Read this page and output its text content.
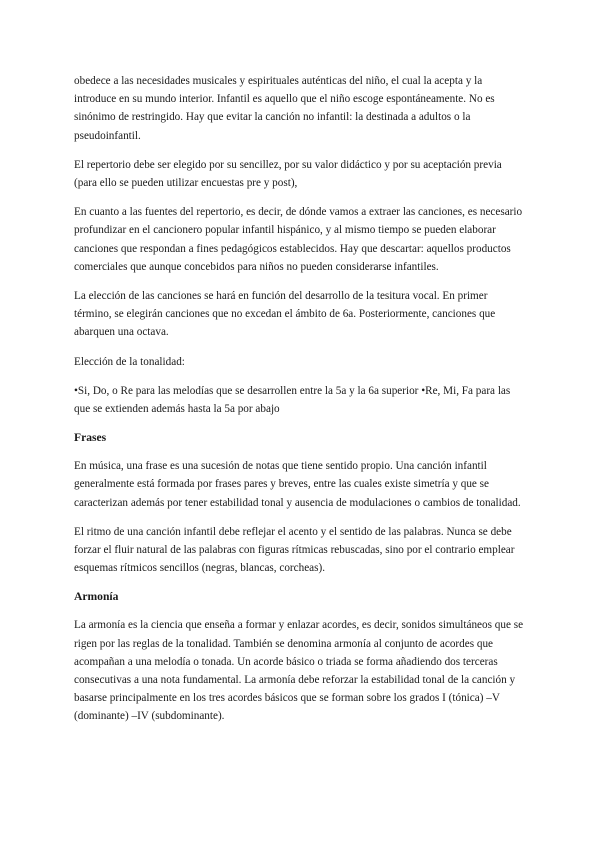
obedece a las necesidades musicales y espirituales auténticas del niño, el cual la acepta y la introduce en su mundo interior. Infantil es aquello que el niño escoge espontáneamente. No es sinónimo de restringido. Hay que evitar la canción no infantil: la destinada a adultos o la pseudoinfantil.

El repertorio debe ser elegido por su sencillez, por su valor didáctico y por su aceptación previa (para ello se pueden utilizar encuestas pre y post),

En cuanto a las fuentes del repertorio, es decir, de dónde vamos a extraer las canciones, es necesario profundizar en el cancionero popular infantil hispánico, y al mismo tiempo se pueden elaborar canciones que respondan a fines pedagógicos establecidos. Hay que descartar: aquellos productos comerciales que aunque concebidos para niños no pueden considerarse infantiles.

La elección de las canciones se hará en función del desarrollo de la tesitura vocal. En primer término, se elegirán canciones que no excedan el ámbito de 6a. Posteriormente, canciones que abarquen una octava.

Elección de la tonalidad:

•Si, Do, o Re para las melodías que se desarrollen entre la 5a y la 6a superior •Re, Mi, Fa para las que se extienden además hasta la 5a por abajo

Frases

En música, una frase es una sucesión de notas que tiene sentido propio. Una canción infantil generalmente está formada por frases pares y breves, entre las cuales existe simetría y que se caracterizan además por tener estabilidad tonal y ausencia de modulaciones o cambios de tonalidad.

El ritmo de una canción infantil debe reflejar el acento y el sentido de las palabras. Nunca se debe forzar el fluir natural de las palabras con figuras rítmicas rebuscadas, sino por el contrario emplear esquemas rítmicos sencillos (negras, blancas, corcheas).

Armonía

La armonía es la ciencia que enseña a formar y enlazar acordes, es decir, sonidos simultáneos que se rigen por las reglas de la tonalidad. También se denomina armonía al conjunto de acordes que acompañan a una melodía o tonada. Un acorde básico o triada se forma añadiendo dos terceras consecutivas a una nota fundamental. La armonía debe reforzar la estabilidad tonal de la canción y basarse principalmente en los tres acordes básicos que se forman sobre los grados I (tónica) –V (dominante) –IV (subdominante).
